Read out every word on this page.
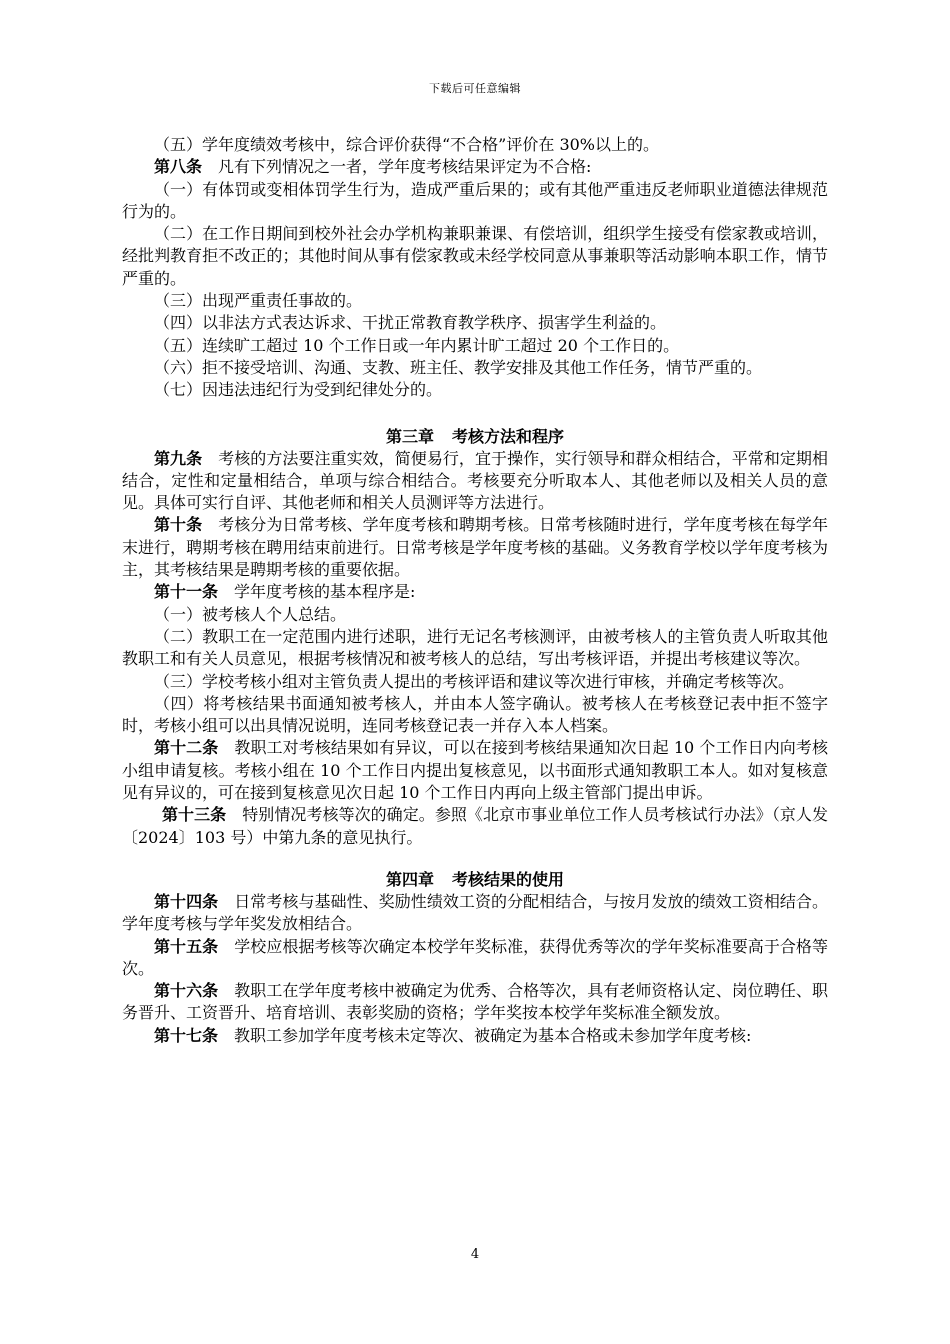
下载后可任意编辑

（五）学年度绩效考核中，综合评价获得“不合格”评价在 30%以上的。

第八条 凡有下列情况之一者，学年度考核结果评定为不合格:

（一）有体罚或变相体罚学生行为，造成严重后果的；或有其他严重违反老师职业道德法律规范行为的。

（二）在工作日期间到校外社会办学机构兼职兼课、有偿培训，组织学生接受有偿家教或培训，经批判教育拒不改正的；其他时间从事有偿家教或未经学校同意从事兼职等活动影响本职工作，情节严重的。

（三）出现严重责任事故的。

（四）以非法方式表达诉求、干扰正常教育教学秩序、损害学生利益的。

（五）连续旷工超过 10 个工作日或一年内累计旷工超过 20 个工作日的。

（六）拒不接受培训、沟通、支教、班主任、教学安排及其他工作任务，情节严重的。

（七）因违法违纪行为受到纪律处分的。

第三章 考核方法和程序

第九条 考核的方法要注重实效，简便易行，宜于操作，实行领导和群众相结合，平常和定期相结合，定性和定量相结合，单项与综合相结合。考核要充分听取本人、其他老师以及相关人员的意见。具体可实行自评、其他老师和相关人员测评等方法进行。

第十条 考核分为日常考核、学年度考核和聘期考核。日常考核随时进行，学年度考核在每学年末进行，聘期考核在聘用结束前进行。日常考核是学年度考核的基础。义务教育学校以学年度考核为主，其考核结果是聘期考核的重要依据。

第十一条 学年度考核的基本程序是:

（一）被考核人个人总结。

（二）教职工在一定范围内进行述职，进行无记名考核测评，由被考核人的主管负责人听取其他教职工和有关人员意见，根据考核情况和被考核人的总结，写出考核评语，并提出考核建议等次。

（三）学校考核小组对主管负责人提出的考核评语和建议等次进行审核，并确定考核等次。

（四）将考核结果书面通知被考核人，并由本人签字确认。被考核人在考核登记表中拒不签字时，考核小组可以出具情况说明，连同考核登记表一并存入本人档案。

第十二条 教职工对考核结果如有异议，可以在接到考核结果通知次日起 10 个工作日内向考核小组申请复核。考核小组在 10 个工作日内提出复核意见，以书面形式通知教职工本人。如对复核意见有异议的，可在接到复核意见次日起 10 个工作日内再向上级主管部门提出申诉。

第十三条 特别情况考核等次的确定。参照《北京市事业单位工作人员考核试行办法》（京人发〔2024〕103 号）中第九条的意见执行。

第四章 考核结果的使用

第十四条 日常考核与基础性、奖励性绩效工资的分配相结合，与按月发放的绩效工资相结合。学年度考核与学年奖发放相结合。

第十五条 学校应根据考核等次确定本校学年奖标准，获得优秀等次的学年奖标准要高于合格等次。

第十六条 教职工在学年度考核中被确定为优秀、合格等次，具有老师资格认定、岗位聘任、职务晋升、工资晋升、培育培训、表彰奖励的资格；学年奖按本校学年奖标准全额发放。

第十七条 教职工参加学年度考核未定等次、被确定为基本合格或未参加学年度考核:

4
